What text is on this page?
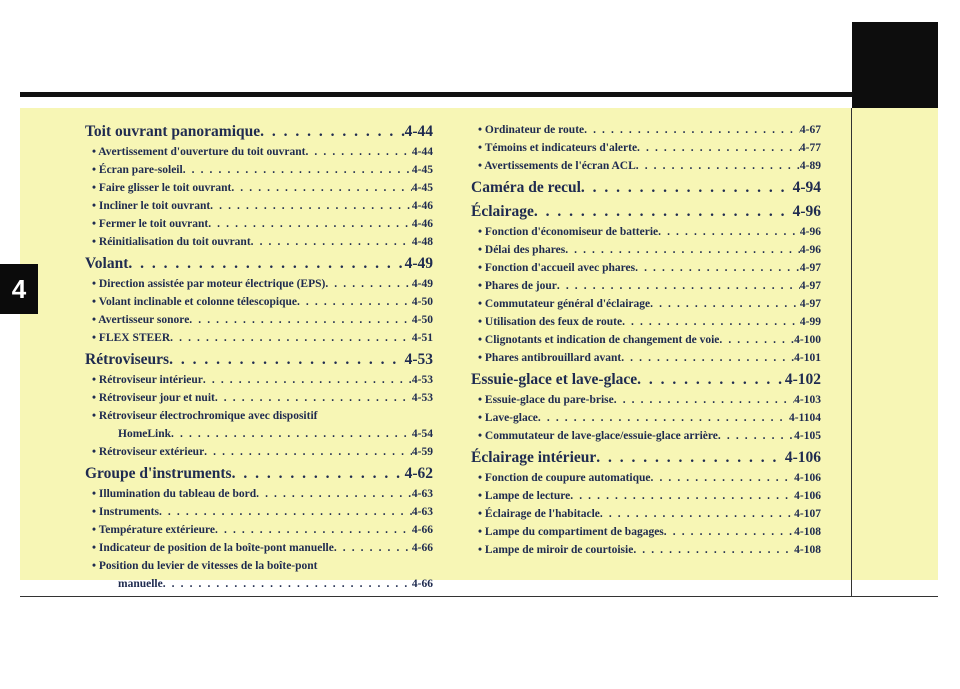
4
Toit ouvrant panoramique . . .	4-44
• Avertissement d'ouverture du toit ouvrant . . .	4-44
• Écran pare-soleil . . .	4-45
• Faire glisser le toit ouvrant . . .	4-45
• Incliner le toit ouvrant . . .	4-46
• Fermer le toit ouvrant . . .	4-46
• Réinitialisation du toit ouvrant . . .	4-48
Volant . . .	4-49
• Direction assistée par moteur électrique (EPS) . . .	4-49
• Volant inclinable et colonne télescopique . . .	4-50
• Avertisseur sonore . . .	4-50
• FLEX STEER . . .	4-51
Rétroviseurs . . .	4-53
• Rétroviseur intérieur . . .	4-53
• Rétroviseur jour et nuit . . .	4-53
• Rétroviseur électrochromique avec dispositif
HomeLink . . .	4-54
• Rétroviseur extérieur . . .	4-59
Groupe d'instruments . . .	4-62
• Illumination du tableau de bord . . .	4-63
• Instruments . . .	4-63
• Température extérieure . . .	4-66
• Indicateur de position de la boîte-pont manuelle . . .	4-66
• Position du levier de vitesses de la boîte-pont
manuelle . . .	4-66
• Ordinateur de route . . .	4-67
• Témoins et indicateurs d'alerte . . .	4-77
• Avertissements de l'écran ACL . . .	4-89
Caméra de recul . . .	4-94
Éclairage . . .	4-96
• Fonction d'économiseur de batterie . . .	4-96
• Délai des phares . . .	4-96
• Fonction d'accueil avec phares . . .	4-97
• Phares de jour . . .	4-97
• Commutateur général d'éclairage . . .	4-97
• Utilisation des feux de route . . .	4-99
• Clignotants et indication de changement de voie . . .	4-100
• Phares antibrouillard avant . . .	4-101
Essuie-glace et lave-glace . . .	4-102
• Essuie-glace du pare-brise . . .	4-103
• Lave-glace . . .	4-1104
• Commutateur de lave-glace/essuie-glace arrière . . .	4-105
Éclairage intérieur . . .	4-106
• Fonction de coupure automatique . . .	4-106
• Lampe de lecture . . .	4-106
• Éclairage de l'habitacle . . .	4-107
• Lampe du compartiment de bagages . . .	4-108
• Lampe de miroir de courtoisie . . .	4-108
